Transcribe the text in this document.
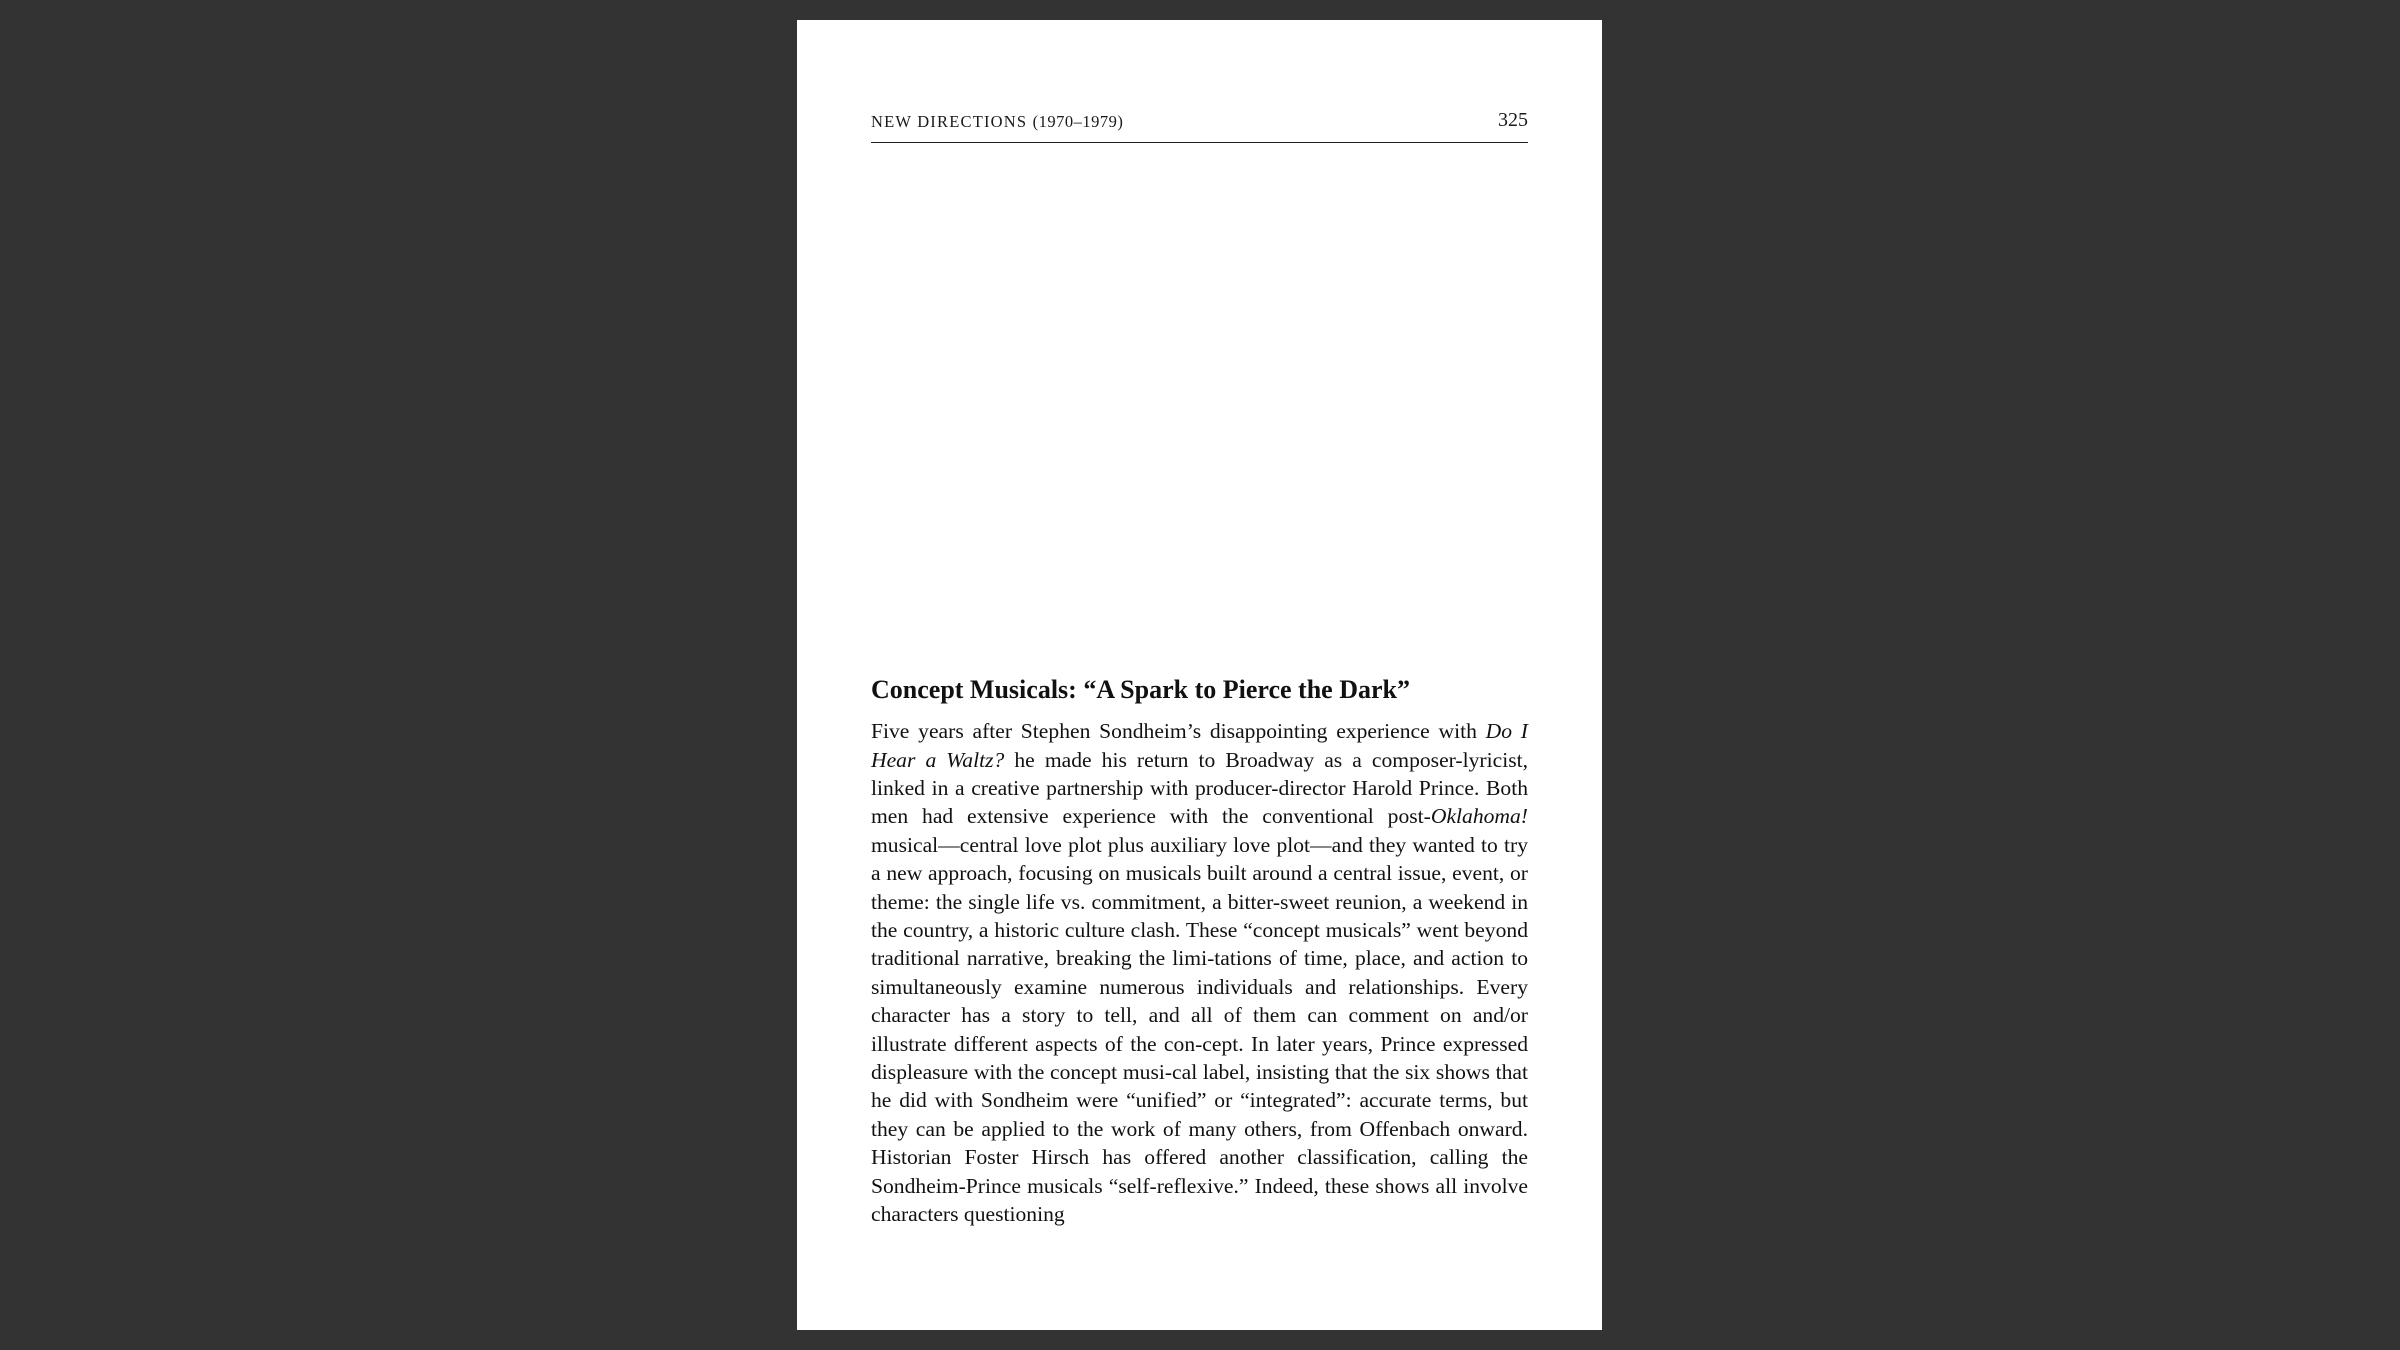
NEW DIRECTIONS (1970–1979)	325
Concept Musicals: “A Spark to Pierce the Dark”

Five years after Stephen Sondheim’s disappointing experience with Do I Hear a Waltz? he made his return to Broadway as a composer-lyricist, linked in a creative partnership with producer-director Harold Prince. Both men had extensive experience with the conventional post-Oklahoma! musical—central love plot plus auxiliary love plot—and they wanted to try a new approach, focusing on musicals built around a central issue, event, or theme: the single life vs. commitment, a bitter-sweet reunion, a weekend in the country, a historic culture clash. These “concept musicals” went beyond traditional narrative, breaking the limi-tations of time, place, and action to simultaneously examine numerous individuals and relationships. Every character has a story to tell, and all of them can comment on and/or illustrate different aspects of the con-cept. In later years, Prince expressed displeasure with the concept musi-cal label, insisting that the six shows that he did with Sondheim were “unified” or “integrated”: accurate terms, but they can be applied to the work of many others, from Offenbach onward. Historian Foster Hirsch has offered another classification, calling the Sondheim-Prince musicals “self-reflexive.” Indeed, these shows all involve characters questioning
